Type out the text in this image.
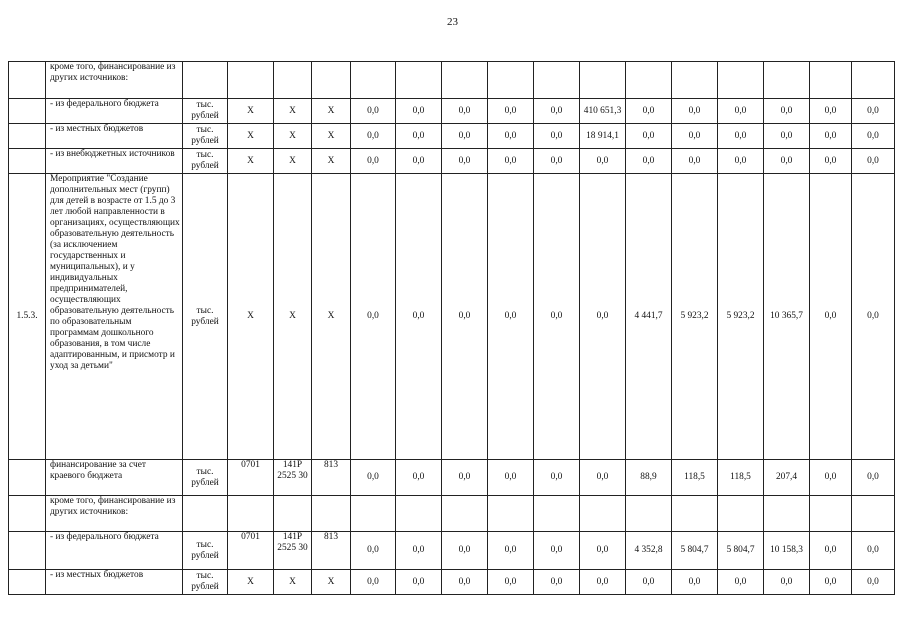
23
	кроме того, финансирование из других источников:																
	- из федерального бюджета	тыс. рублей	Х	Х	Х	0,0	0,0	0,0	0,0	0,0	410 651,3	0,0	0,0	0,0	0,0	0,0	0,0
	- из местных бюджетов	тыс. рублей	Х	Х	Х	0,0	0,0	0,0	0,0	0,0	18 914,1	0,0	0,0	0,0	0,0	0,0	0,0
	- из внебюджетных источников	тыс. рублей	Х	Х	Х	0,0	0,0	0,0	0,0	0,0	0,0	0,0	0,0	0,0	0,0	0,0	0,0
1.5.3.	Мероприятие "Создание дополнительных мест (групп) для детей в возрасте от 1.5 до 3 лет любой направленности в организациях, осуществляющих образовательную деятельность (за исключением государственных и муниципальных), и у индивидуальных предпринимателей, осуществляющих образовательную деятельность по образовательным программам дошкольного образования, в том числе адаптированным, и присмотр и уход за детьми"	тыс. рублей	Х	Х	Х	0,0	0,0	0,0	0,0	0,0	0,0	4 441,7	5 923,2	5 923,2	10 365,7	0,0	0,0
	финансирование за счет краевого бюджета	тыс. рублей	0701	141Р 2525 30	813	0,0	0,0	0,0	0,0	0,0	0,0	88,9	118,5	118,5	207,4	0,0	0,0
	кроме того, финансирование из других источников:																
	- из федерального бюджета	тыс. рублей	0701	141Р 2525 30	813	0,0	0,0	0,0	0,0	0,0	0,0	4 352,8	5 804,7	5 804,7	10 158,3	0,0	0,0
	- из местных бюджетов	тыс. рублей	Х	Х	Х	0,0	0,0	0,0	0,0	0,0	0,0	0,0	0,0	0,0	0,0	0,0	0,0
